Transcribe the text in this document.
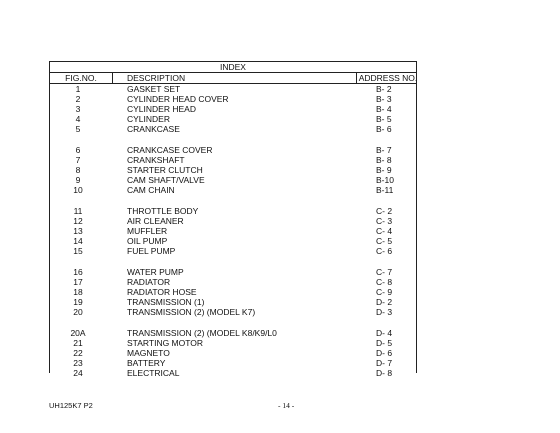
INDEX
FIG.NO.	DESCRIPTION	ADDRESS NO.
1	GASKET SET	B- 2
2	CYLINDER HEAD COVER	B- 3
3	CYLINDER HEAD	B- 4
4	CYLINDER	B- 5
5	CRANKCASE	B- 6
6	CRANKCASE COVER	B- 7
7	CRANKSHAFT	B- 8
8	STARTER CLUTCH	B- 9
9	CAM SHAFT/VALVE	B-10
10	CAM CHAIN	B-11
11	THROTTLE BODY	C- 2
12	AIR CLEANER	C- 3
13	MUFFLER	C- 4
14	OIL PUMP	C- 5
15	FUEL PUMP	C- 6
16	WATER PUMP	C- 7
17	RADIATOR	C- 8
18	RADIATOR HOSE	C- 9
19	TRANSMISSION (1)	D- 2
20	TRANSMISSION (2) (MODEL K7)	D- 3
20A	TRANSMISSION (2) (MODEL K8/K9/L0	D- 4
21	STARTING MOTOR	D- 5
22	MAGNETO	D- 6
23	BATTERY	D- 7
24	ELECTRICAL	D- 8
UH125K7 P2	- 14 -
